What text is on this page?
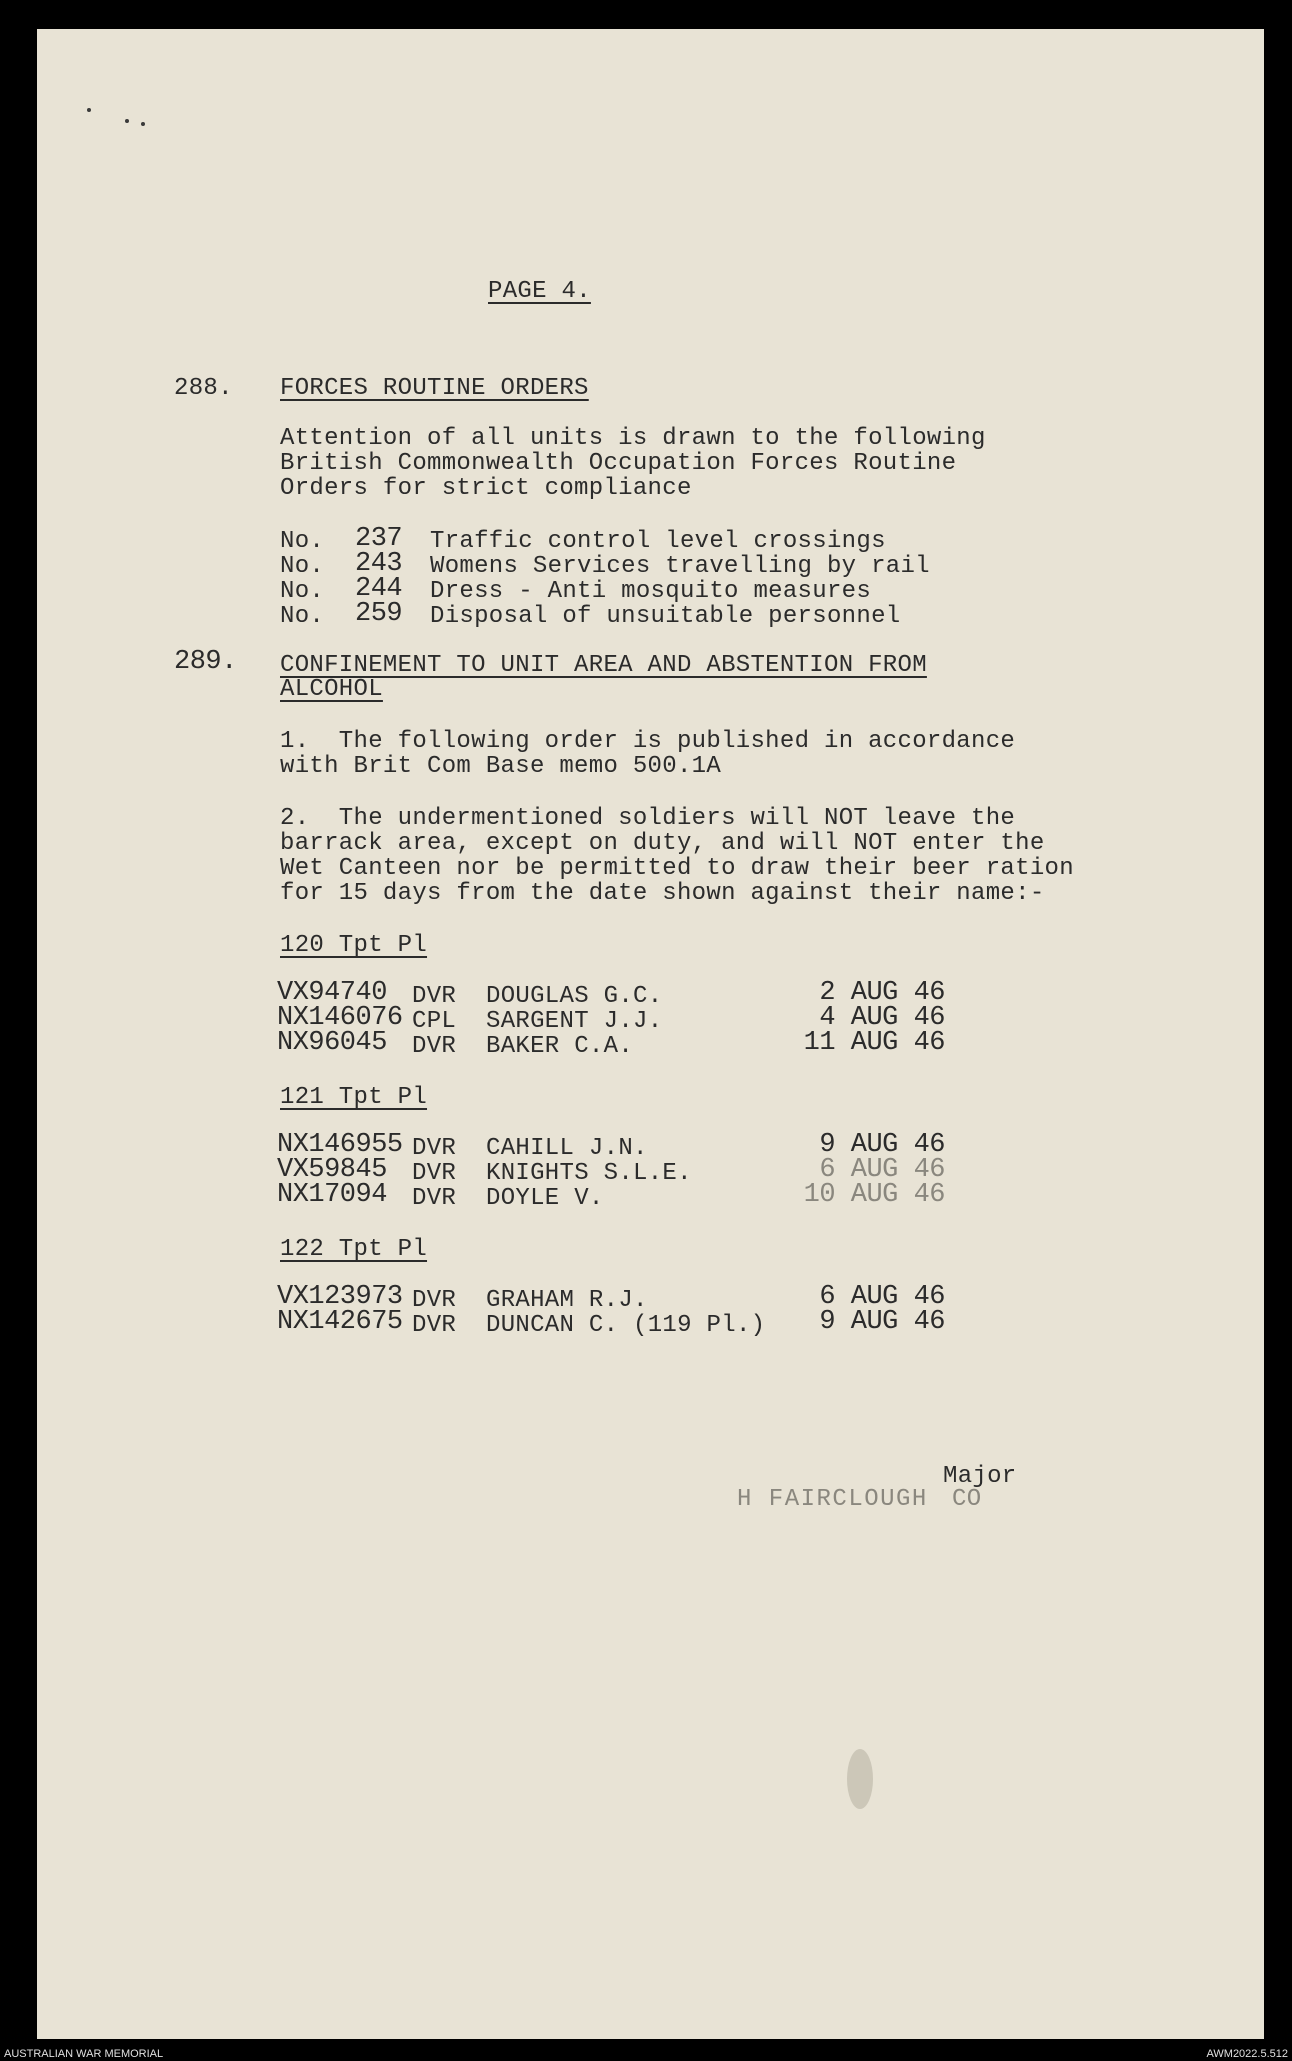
PAGE 4.
288. FORCES ROUTINE ORDERS
Attention of all units is drawn to the following
British Commonwealth Occupation Forces Routine
Orders for strict compliance
No. 237 Traffic control level crossings
No. 243 Womens Services travelling by rail
No. 244 Dress - Anti mosquito measures
No. 259 Disposal of unsuitable personnel
289. CONFINEMENT TO UNIT AREA AND ABSTENTION FROM
ALCOHOL
1.  The following order is published in accordance
with Brit Com Base memo 500.1A
2.  The undermentioned soldiers will NOT leave the
barrack area, except on duty, and will NOT enter the
Wet Canteen nor be permitted to draw their beer ration
for 15 days from the date shown against their name:-
120 Tpt Pl
VX94740 DVR DOUGLAS G.C.	2 AUG 46
NX146076 CPL SARGENT J.J.	4 AUG 46
NX96045 DVR BAKER C.A.	11 AUG 46
121 Tpt Pl
NX146955 DVR CAHILL J.N.	9 AUG 46
VX59845 DVR KNIGHTS S.L.E.	6 AUG 46
NX17094 DVR DOYLE V.	10 AUG 46
122 Tpt Pl
VX123973 DVR GRAHAM R.J.	6 AUG 46
NX142675 DVR DUNCAN C. (119 Pl.)	9 AUG 46
Major
H FAIRCLOUGH CO
AUSTRALIAN WAR MEMORIAL	AWM2022.5.512
